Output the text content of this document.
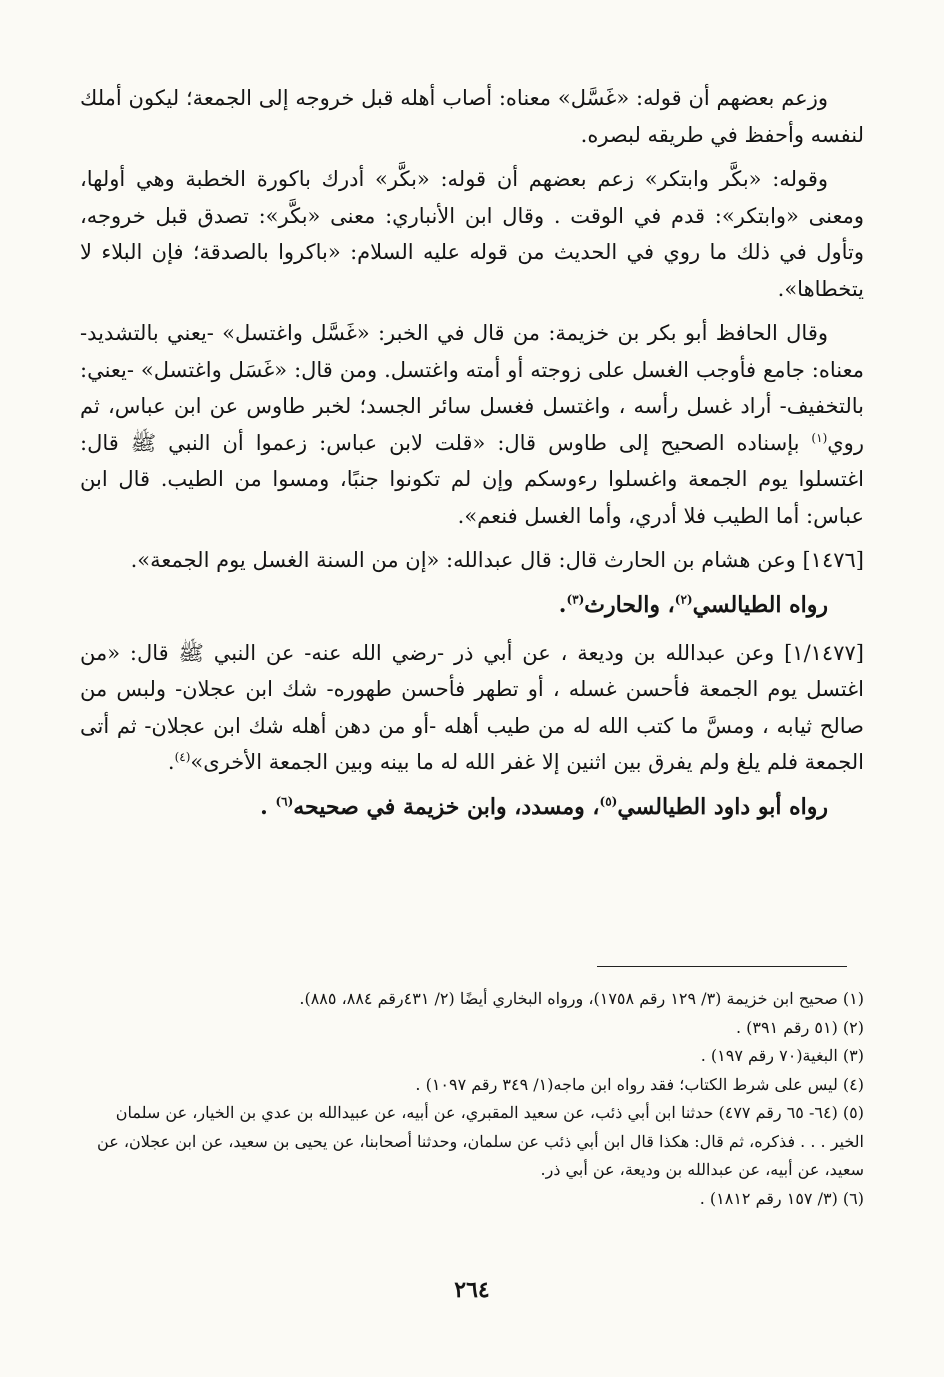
وزعم بعضهم أن قوله: «غَسَّل» معناه: أصاب أهله قبل خروجه إلى الجمعة؛ ليكون أملك لنفسه وأحفظ في طريقه لبصره.

وقوله: «بكَّر وابتكر» زعم بعضهم أن قوله: «بكَّر» أدرك باكورة الخطبة وهي أولها، ومعنى «وابتكر»: قدم في الوقت . وقال ابن الأنباري: معنى «بكَّر»: تصدق قبل خروجه، وتأول في ذلك ما روي في الحديث من قوله عليه السلام: «باكروا بالصدقة؛ فإن البلاء لا يتخطاها».

وقال الحافظ أبو بكر بن خزيمة: من قال في الخبر: «غَسَّل واغتسل» -يعني بالتشديد- معناه: جامع فأوجب الغسل على زوجته أو أمته واغتسل. ومن قال: «غَسَل واغتسل» -يعني: بالتخفيف- أراد غسل رأسه ، واغتسل فغسل سائر الجسد؛ لخبر طاوس عن ابن عباس، ثم روي$^{(١)}$ بإسناده الصحيح إلى طاوس قال: «قلت لابن عباس: زعموا أن النبي ﷺ قال: اغتسلوا يوم الجمعة واغسلوا رءوسكم وإن لم تكونوا جنبًا، ومسوا من الطيب. قال ابن عباس: أما الطيب فلا أدري، وأما الغسل فنعم».

[١٤٧٦] وعن هشام بن الحارث قال: قال عبدالله: «إن من السنة الغسل يوم الجمعة».

رواه الطيالسي$^{(٢)}$، والحارث$^{(٣)}$.

[١/١٤٧٧] وعن عبدالله بن وديعة ، عن أبي ذر -رضي الله عنه- عن النبي ﷺ قال: «من اغتسل يوم الجمعة فأحسن غسله ، أو تطهر فأحسن طهوره- شك ابن عجلان- ولبس من صالح ثيابه ، ومسَّ ما كتب الله له من طيب أهله -أو من دهن أهله شك ابن عجلان- ثم أتى الجمعة فلم يلغ ولم يفرق بين اثنين إلا غفر الله له ما بينه وبين الجمعة الأخرى»$^{(٤)}$.

رواه أبو داود الطيالسي$^{(٥)}$، ومسدد، وابن خزيمة في صحيحه$^{(٦)}$ .

(١) صحيح ابن خزيمة (٣/ ١٢٩ رقم ١٧٥٨)، ورواه البخاري أيضًا (٢/ ٤٣١رقم ٨٨٤، ٨٨٥).

(٢) (٥١ رقم ٣٩١) .

(٣) البغية(٧٠ رقم ١٩٧) .

(٤) ليس على شرط الكتاب؛ فقد رواه ابن ماجه(١/ ٣٤٩ رقم ١٠٩٧) .

(٥) (٦٤- ٦٥ رقم ٤٧٧) حدثنا ابن أبي ذئب، عن سعيد المقبري، عن أبيه، عن عبيدالله بن عدي بن الخيار، عن سلمان الخير . . . فذكره، ثم قال: هكذا قال ابن أبي ذئب عن سلمان، وحدثنا أصحابنا، عن يحيى بن سعيد، عن ابن عجلان، عن سعيد، عن أبيه، عن عبدالله بن وديعة، عن أبي ذر.

(٦) (٣/ ١٥٧ رقم ١٨١٢) .

٢٦٤
